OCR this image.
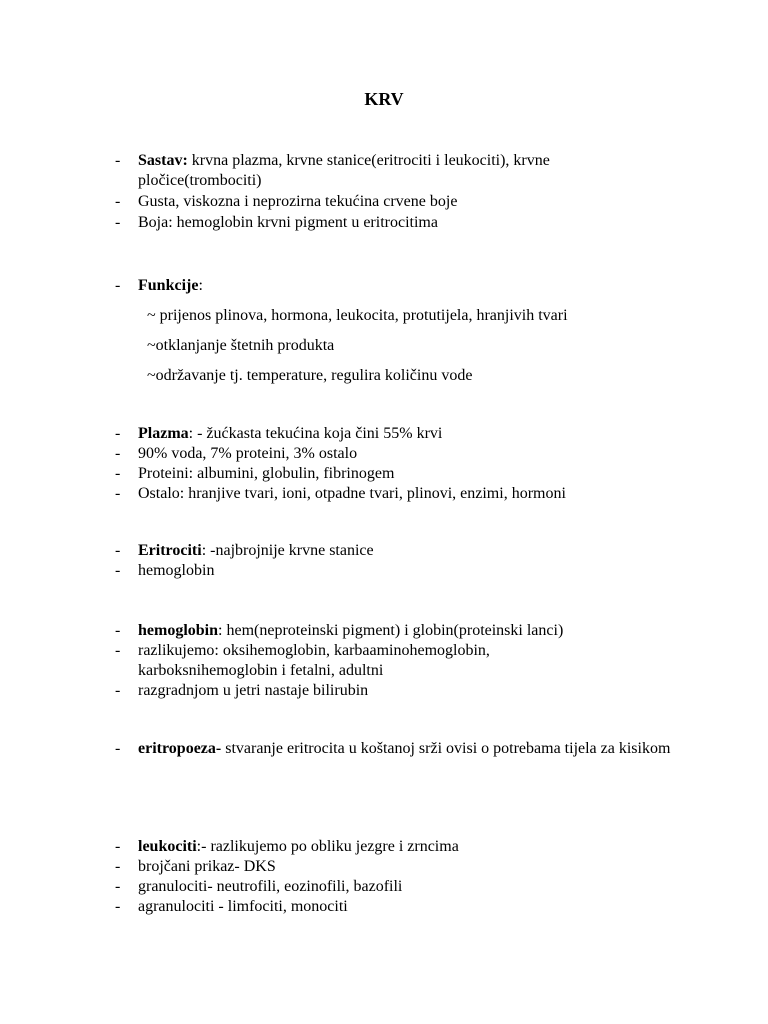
KRV
- Sastav: krvna plazma, krvne stanice(eritrociti i leukociti), krvne pločice(trombociti)
- Gusta, viskozna i neprozirna tekućina crvene boje
- Boja: hemoglobin krvni pigment u eritrocitima
- Funkcije:
~ prijenos plinova, hormona, leukocita, protutijela, hranjivih tvari
~otklanjanje štetnih produkta
~održavanje tj. temperature, regulira količinu vode
- Plazma: - žućkasta tekućina koja čini 55% krvi
- 90% voda, 7% proteini, 3% ostalo
- Proteini: albumini, globulin, fibrinogem
- Ostalo: hranjive tvari, ioni, otpadne tvari, plinovi, enzimi, hormoni
- Eritrociti: -najbrojnije krvne stanice
- hemoglobin
- hemoglobin: hem(neproteinski pigment) i globin(proteinski lanci)
- razlikujemo: oksihemoglobin, karbaaminohemoglobin, karboksnihemoglobin i fetalni, adultni
- razgradnjom u jetri nastaje bilirubin
- eritropoeza- stvaranje eritrocita u koštanoj srži ovisi o potrebama tijela za kisikom
- leukociti:- razlikujemo po obliku jezgre i zrncima
- brojčani prikaz- DKS
- granulociti- neutrofili, eozinofili, bazofili
- agranulociti - limfociti, monociti
